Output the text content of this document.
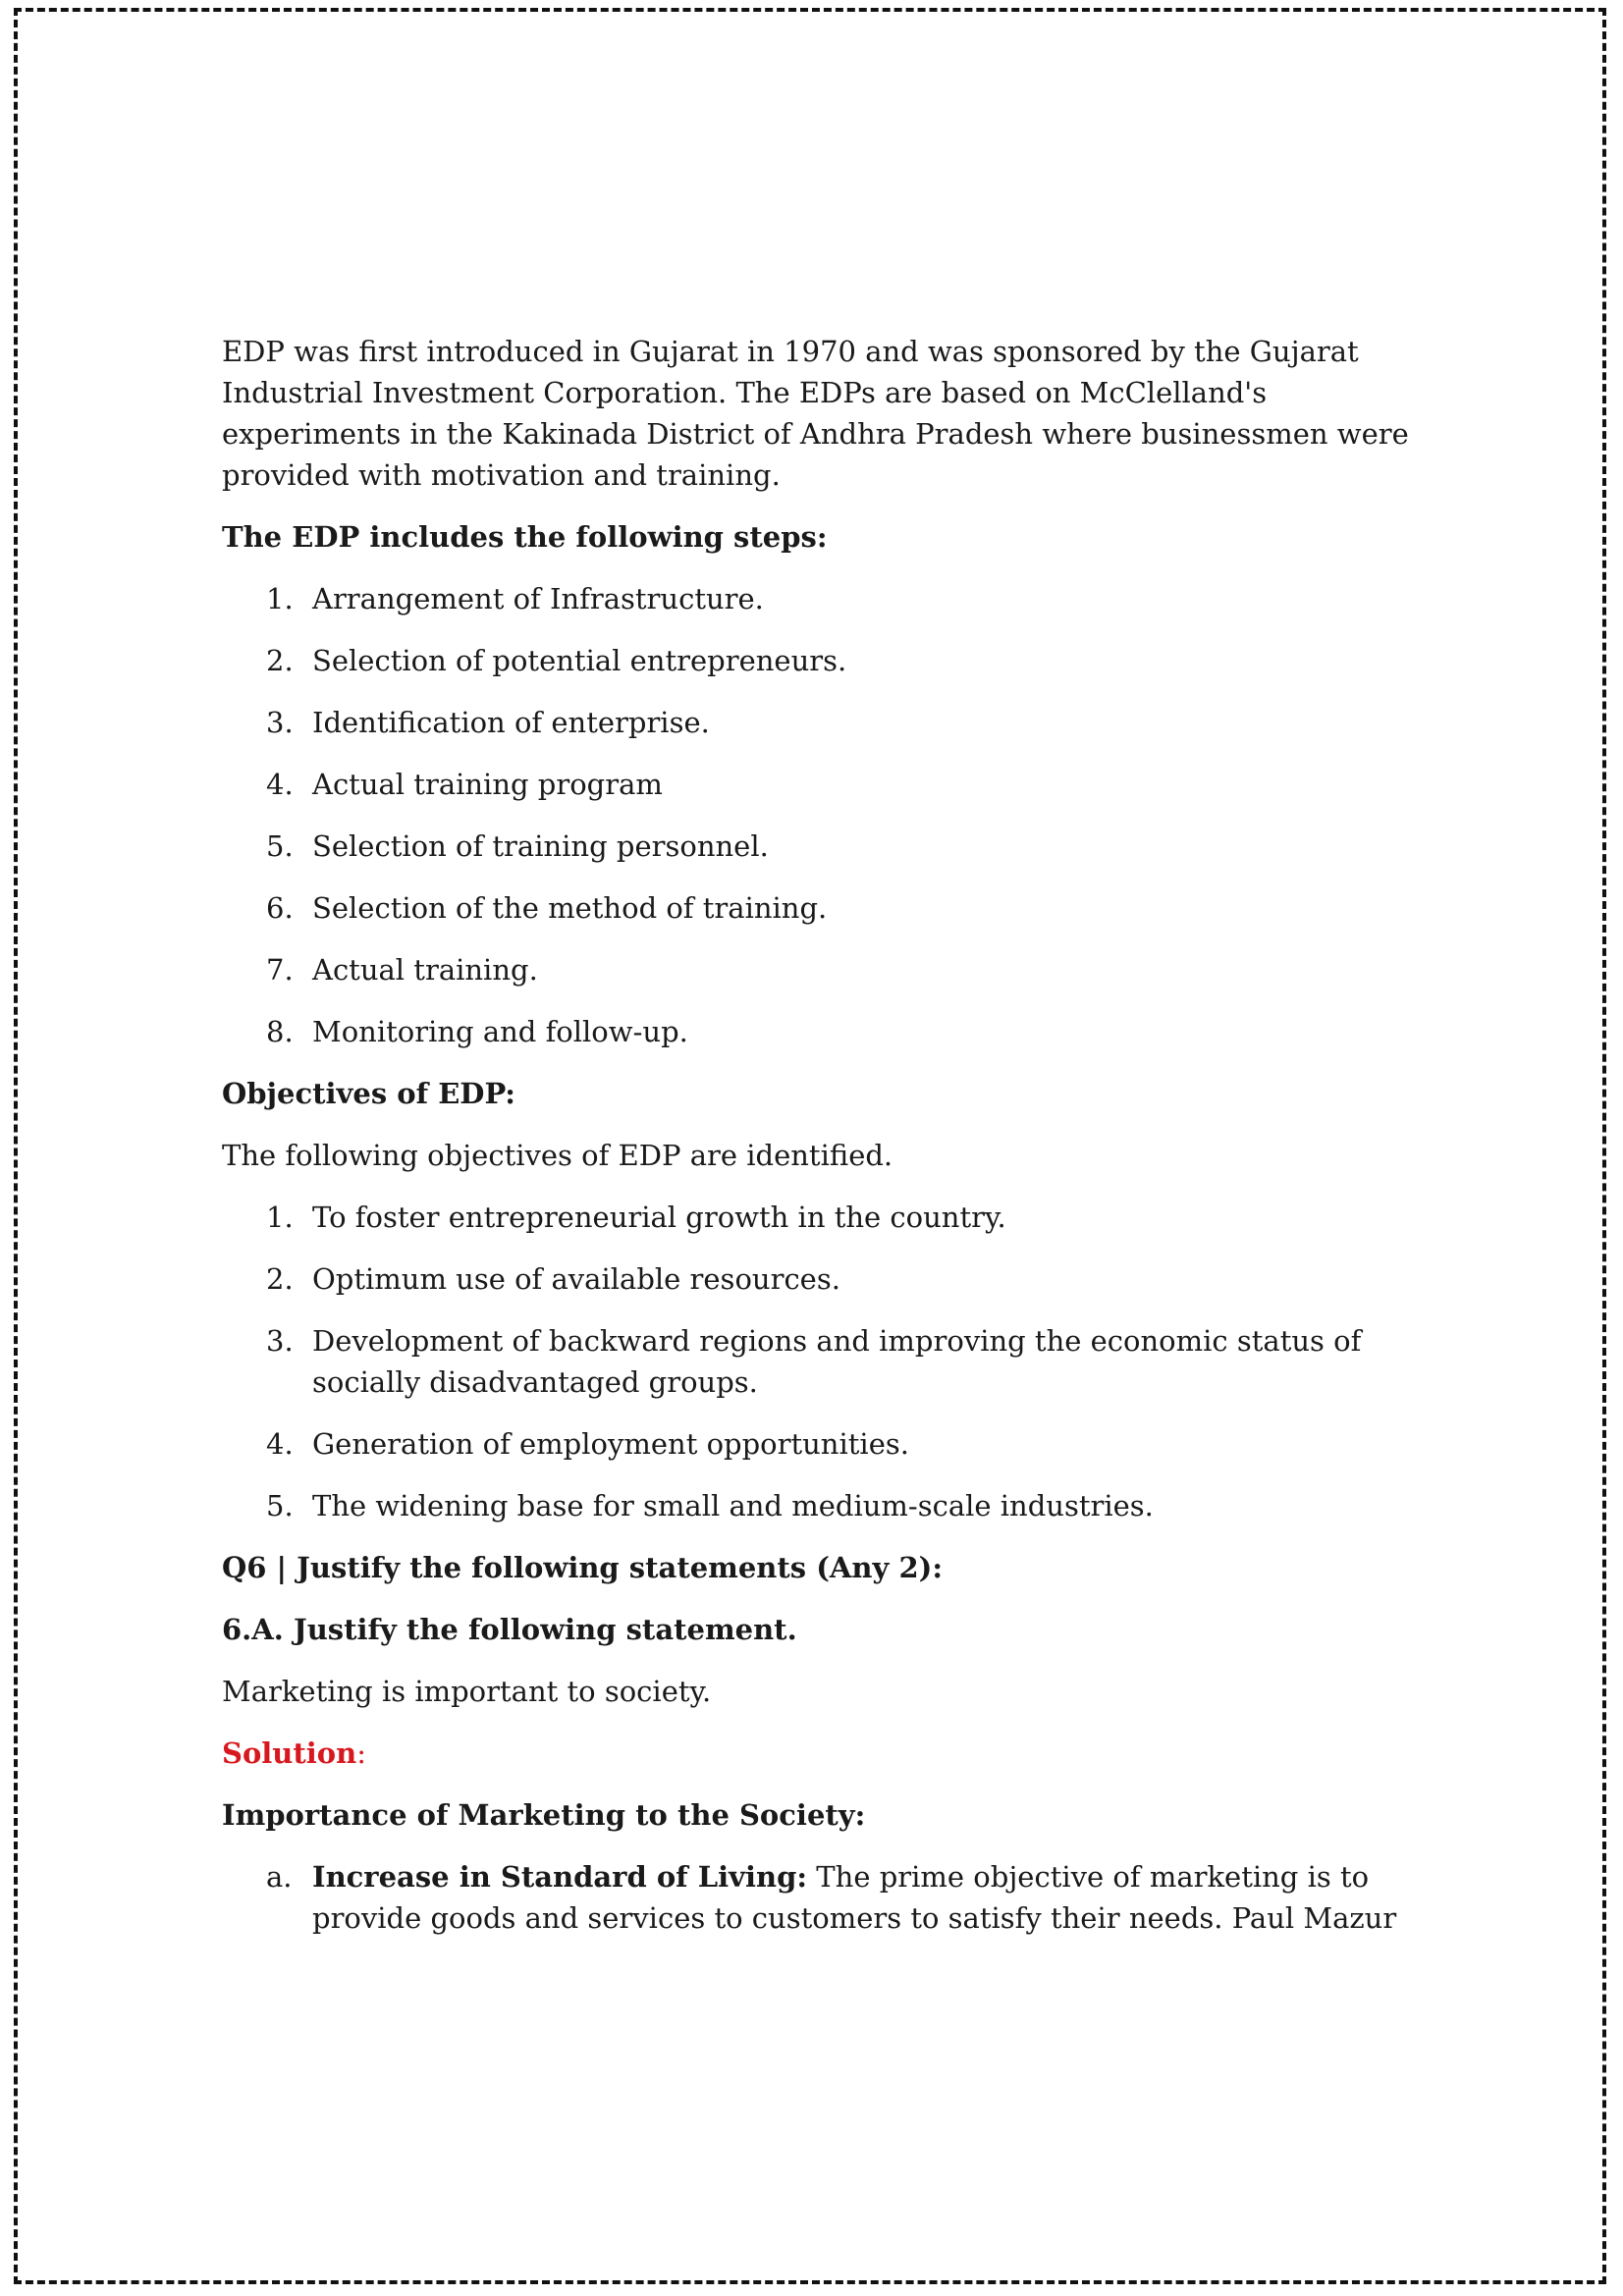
EDP was first introduced in Gujarat in 1970 and was sponsored by the Gujarat Industrial Investment Corporation. The EDPs are based on McClelland's experiments in the Kakinada District of Andhra Pradesh where businessmen were provided with motivation and training.

The EDP includes the following steps:

1. Arrangement of Infrastructure.
2. Selection of potential entrepreneurs.
3. Identification of enterprise.
4. Actual training program
5. Selection of training personnel.
6. Selection of the method of training.
7. Actual training.
8. Monitoring and follow-up.

Objectives of EDP:

The following objectives of EDP are identified.

1. To foster entrepreneurial growth in the country.
2. Optimum use of available resources.
3. Development of backward regions and improving the economic status of socially disadvantaged groups.
4. Generation of employment opportunities.
5. The widening base for small and medium-scale industries.

Q6 | Justify the following statements (Any 2):

6.A. Justify the following statement.

Marketing is important to society.

Solution:

Importance of Marketing to the Society:

a. Increase in Standard of Living: The prime objective of marketing is to provide goods and services to customers to satisfy their needs. Paul Mazur
